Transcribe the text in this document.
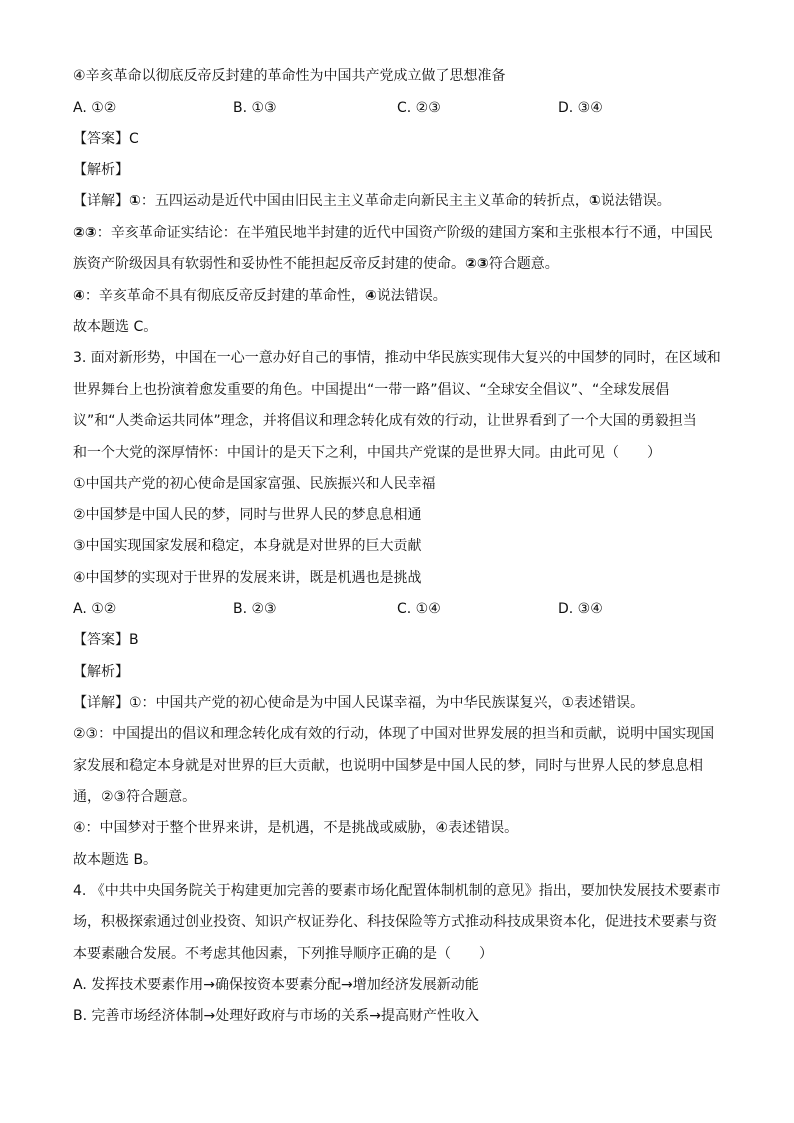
④辛亥革命以彻底反帝反封建的革命性为中国共产党成立做了思想准备
A. ①②	B. ①③	C. ②③	D. ③④
【答案】C
【解析】
【详解】①：五四运动是近代中国由旧民主主义革命走向新民主主义革命的转折点，①说法错误。
②③：辛亥革命证实结论：在半殖民地半封建的近代中国资产阶级的建国方案和主张根本行不通，中国民
族资产阶级因具有软弱性和妥协性不能担起反帝反封建的使命。②③符合题意。
④：辛亥革命不具有彻底反帝反封建的革命性，④说法错误。
故本题选 C。
3. 面对新形势，中国在一心一意办好自己的事情，推动中华民族实现伟大复兴的中国梦的同时，在区域和
世界舞台上也扮演着愈发重要的角色。中国提出“一带一路”倡议、“全球安全倡议”、“全球发展倡
议”和“人类命运共同体”理念，并将倡议和理念转化成有效的行动，让世界看到了一个大国的勇毅担当
和一个大党的深厚情怀：中国计的是天下之利，中国共产党谋的是世界大同。由此可见（　　）
①中国共产党的初心使命是国家富强、民族振兴和人民幸福
②中国梦是中国人民的梦，同时与世界人民的梦息息相通
③中国实现国家发展和稳定，本身就是对世界的巨大贡献
④中国梦的实现对于世界的发展来讲，既是机遇也是挑战
A. ①②	B. ②③	C. ①④	D. ③④
【答案】B
【解析】
【详解】①：中国共产党的初心使命是为中国人民谋幸福，为中华民族谋复兴，①表述错误。
②③：中国提出的倡议和理念转化成有效的行动，体现了中国对世界发展的担当和贡献，说明中国实现国
家发展和稳定本身就是对世界的巨大贡献，也说明中国梦是中国人民的梦，同时与世界人民的梦息息相
通，②③符合题意。
④：中国梦对于整个世界来讲，是机遇，不是挑战或威胁，④表述错误。
故本题选 B。
4. 《中共中央国务院关于构建更加完善的要素市场化配置体制机制的意见》指出，要加快发展技术要素市
场，积极探索通过创业投资、知识产权证券化、科技保险等方式推动科技成果资本化，促进技术要素与资
本要素融合发展。不考虑其他因素，下列推导顺序正确的是（　　）
A. 发挥技术要素作用→确保按资本要素分配→增加经济发展新动能
B. 完善市场经济体制→处理好政府与市场的关系→提高财产性收入
